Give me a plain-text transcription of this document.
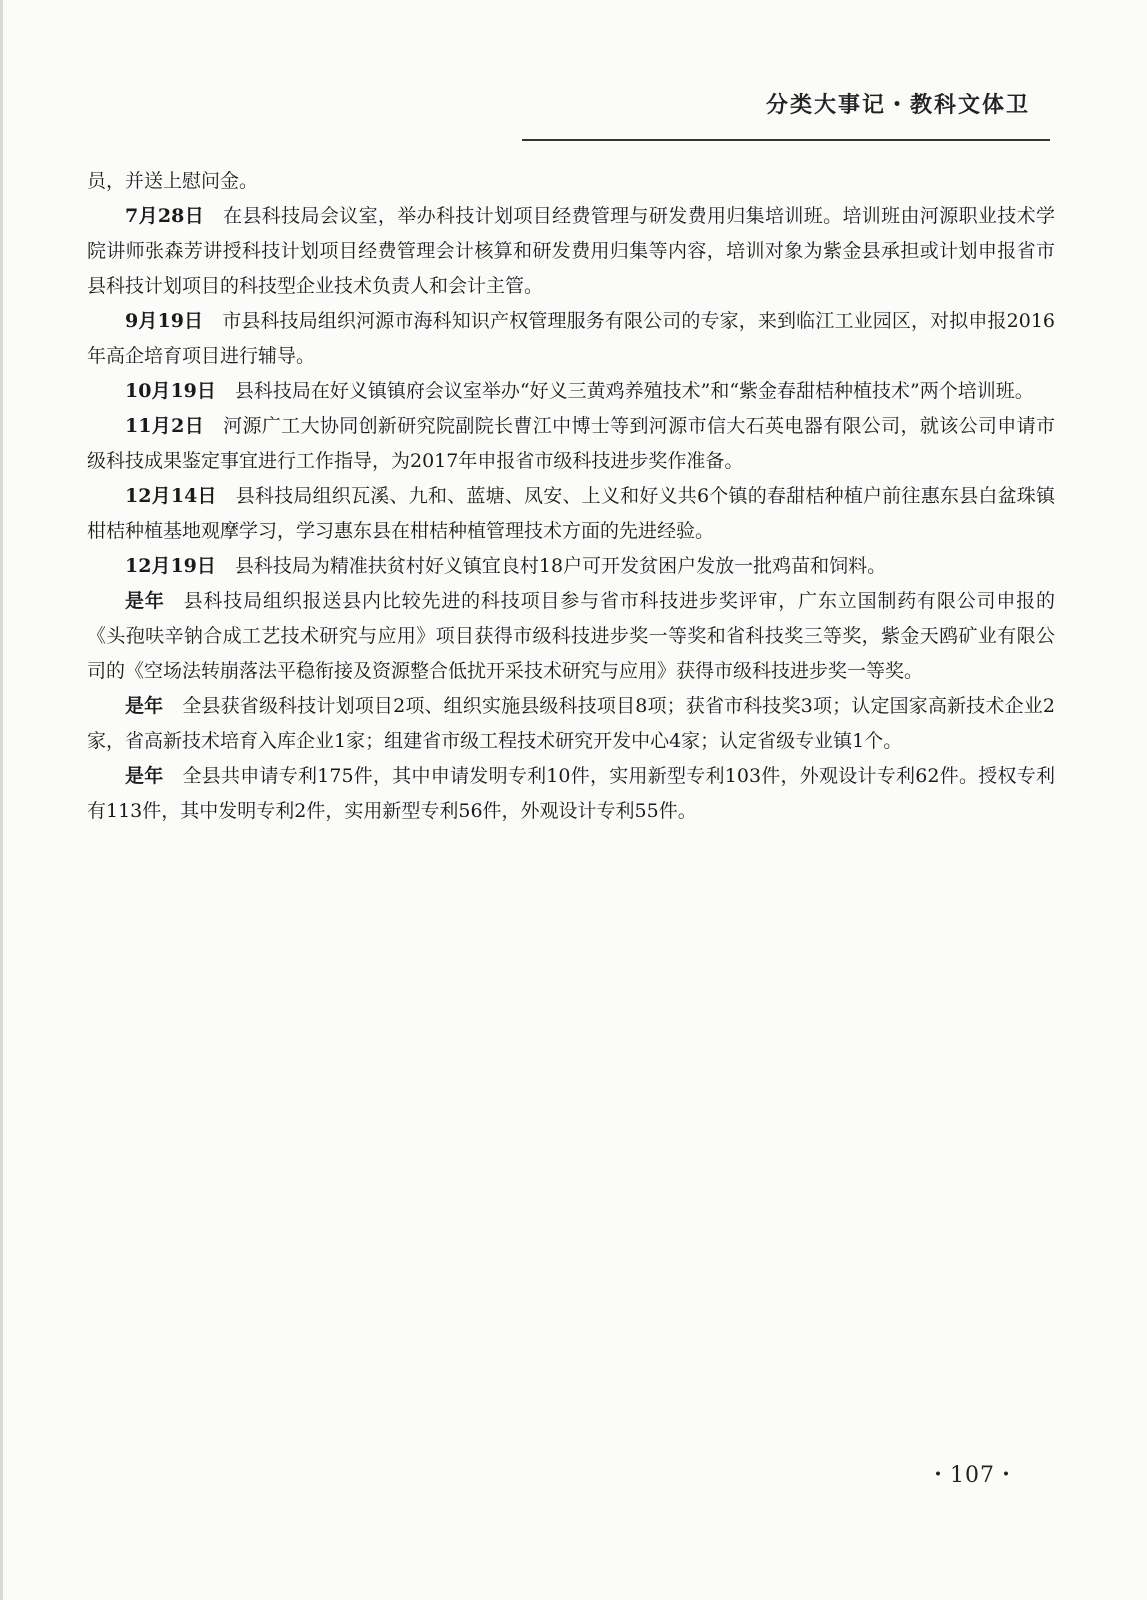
分类大事记・教科文体卫

员，并送上慰问金。

7月28日 在县科技局会议室，举办科技计划项目经费管理与研发费用归集培训班。培训班由河源职业技术学院讲师张森芳讲授科技计划项目经费管理会计核算和研发费用归集等内容，培训对象为紫金县承担或计划申报省市县科技计划项目的科技型企业技术负责人和会计主管。

9月19日 市县科技局组织河源市海科知识产权管理服务有限公司的专家，来到临江工业园区，对拟申报2016年高企培育项目进行辅导。

10月19日 县科技局在好义镇镇府会议室举办“好义三黄鸡养殖技术”和“紫金春甜桔种植技术”两个培训班。

11月2日 河源广工大协同创新研究院副院长曹江中博士等到河源市信大石英电器有限公司，就该公司申请市级科技成果鉴定事宜进行工作指导，为2017年申报省市级科技进步奖作准备。

12月14日 县科技局组织瓦溪、九和、蓝塘、凤安、上义和好义共6个镇的春甜桔种植户前往惠东县白盆珠镇柑桔种植基地观摩学习，学习惠东县在柑桔种植管理技术方面的先进经验。

12月19日 县科技局为精准扶贫村好义镇宜良村18户可开发贫困户发放一批鸡苗和饲料。

是年 县科技局组织报送县内比较先进的科技项目参与省市科技进步奖评审，广东立国制药有限公司申报的《头孢呋辛钠合成工艺技术研究与应用》项目获得市级科技进步奖一等奖和省科技奖三等奖，紫金天鸥矿业有限公司的《空场法转崩落法平稳衔接及资源整合低扰开采技术研究与应用》获得市级科技进步奖一等奖。

是年 全县获省级科技计划项目2项、组织实施县级科技项目8项；获省市科技奖3项；认定国家高新技术企业2家，省高新技术培育入库企业1家；组建省市级工程技术研究开发中心4家；认定省级专业镇1个。

是年 全县共申请专利175件，其中申请发明专利10件，实用新型专利103件，外观设计专利62件。授权专利有113件，其中发明专利2件，实用新型专利56件，外观设计专利55件。

・107・
